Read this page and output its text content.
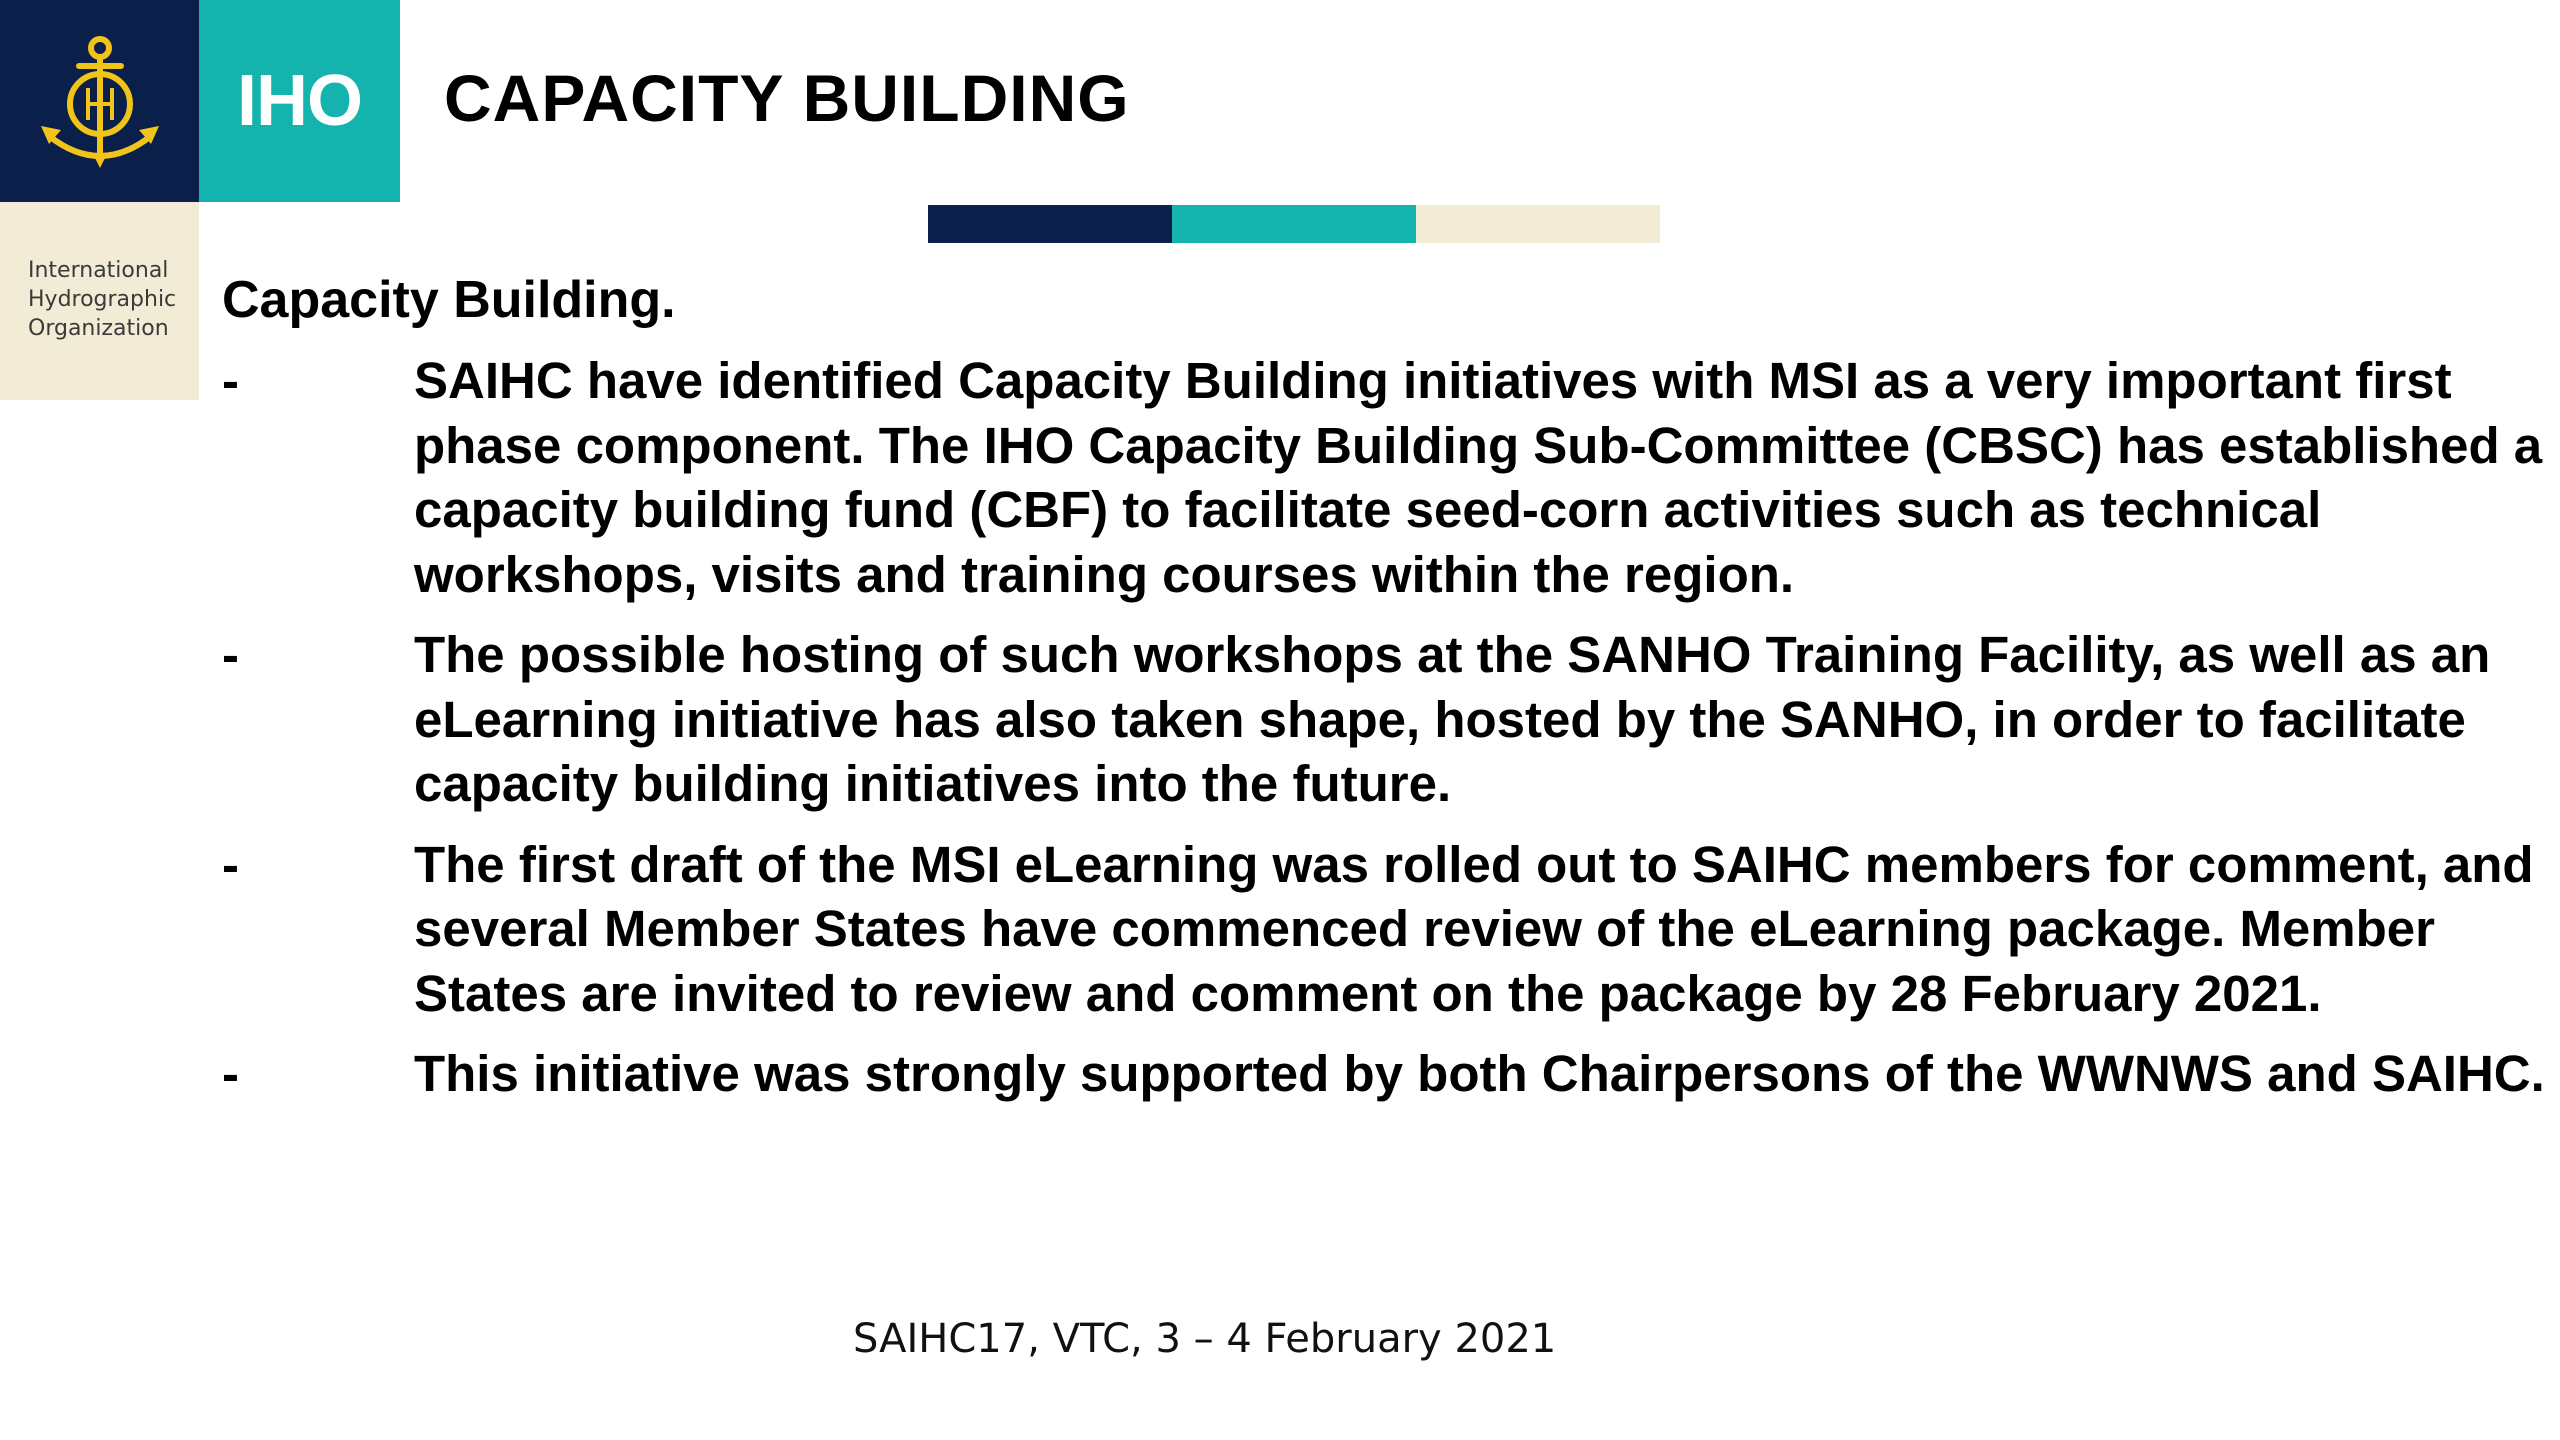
IHO
International
Hydrographic
Organization
CAPACITY BUILDING
Capacity Building.
-	SAIHC have identified Capacity Building initiatives with MSI as a very important first phase component. The IHO Capacity Building Sub-Committee (CBSC) has established a capacity building fund (CBF) to facilitate seed-corn activities such as technical workshops, visits and training courses within the region.
-	The possible hosting of such workshops at the SANHO Training Facility, as well as an eLearning initiative has also taken shape, hosted by the SANHO, in order to facilitate capacity building initiatives into the future.
-	The first draft of the MSI eLearning was rolled out to SAIHC members for comment, and several Member States have commenced review of the eLearning package. Member States are invited to review and comment on the package by 28 February 2021.
-	This initiative was strongly supported by both Chairpersons of the WWNWS and SAIHC.
SAIHC17, VTC, 3 – 4 February 2021
